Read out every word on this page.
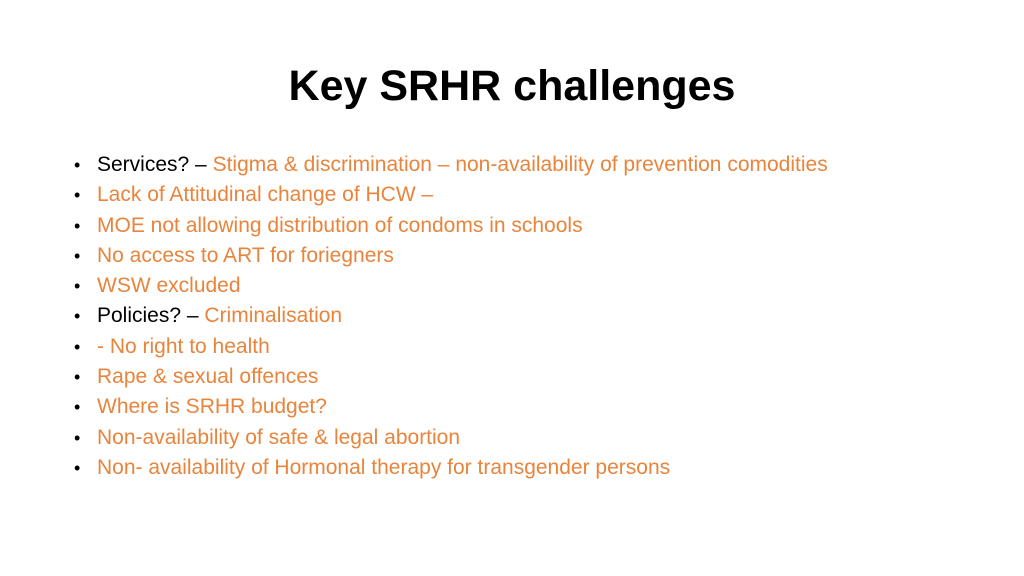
Key SRHR challenges
• Services? – Stigma & discrimination – non-availability of prevention comodities
• Lack of Attitudinal change of HCW –
• MOE not allowing distribution of condoms in schools
• No access to ART for foriegners
• WSW excluded
• Policies? – Criminalisation
• - No right to health
• Rape & sexual offences
• Where is SRHR budget?
• Non-availability of safe & legal abortion
• Non- availability of Hormonal therapy for transgender persons
